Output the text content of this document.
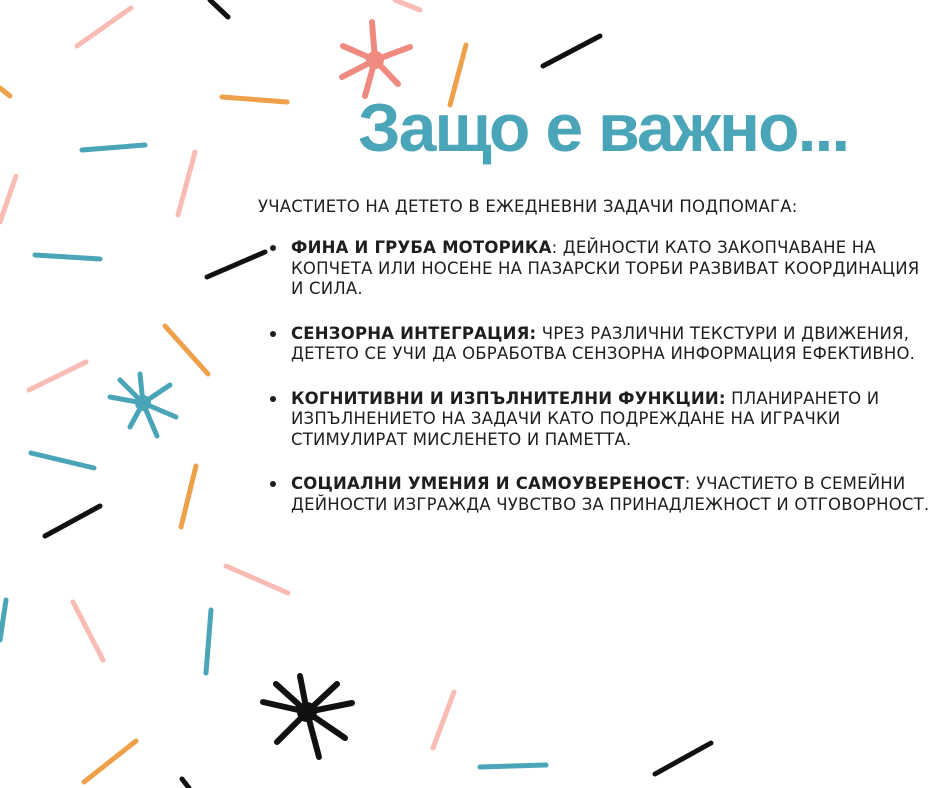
Защо е важно...

УЧАСТИЕТО НА ДЕТЕТО В ЕЖЕДНЕВНИ ЗАДАЧИ ПОДПОМАГА:

ФИНА И ГРУБА МОТОРИКА: ДЕЙНОСТИ КАТО ЗАКОПЧАВАНЕ НА КОПЧЕТА ИЛИ НОСЕНЕ НА ПАЗАРСКИ ТОРБИ РАЗВИВАТ КООРДИНАЦИЯ И СИЛА.
СЕНЗОРНА ИНТЕГРАЦИЯ: ЧРЕЗ РАЗЛИЧНИ ТЕКСТУРИ И ДВИЖЕНИЯ, ДЕТЕТО СЕ УЧИ ДА ОБРАБОТВА СЕНЗОРНА ИНФОРМАЦИЯ ЕФЕКТИВНО.
КОГНИТИВНИ И ИЗПЪЛНИТЕЛНИ ФУНКЦИИ: ПЛАНИРАНЕТО И ИЗПЪЛНЕНИЕТО НА ЗАДАЧИ КАТО ПОДРЕЖДАНЕ НА ИГРАЧКИ СТИМУЛИРАТ МИСЛЕНЕТО И ПАМЕТТА.
СОЦИАЛНИ УМЕНИЯ И САМОУВЕРЕНОСТ: УЧАСТИЕТО В СЕМЕЙНИ ДЕЙНОСТИ ИЗГРАЖДА ЧУВСТВО ЗА ПРИНАДЛЕЖНОСТ И ОТГОВОРНОСТ.
